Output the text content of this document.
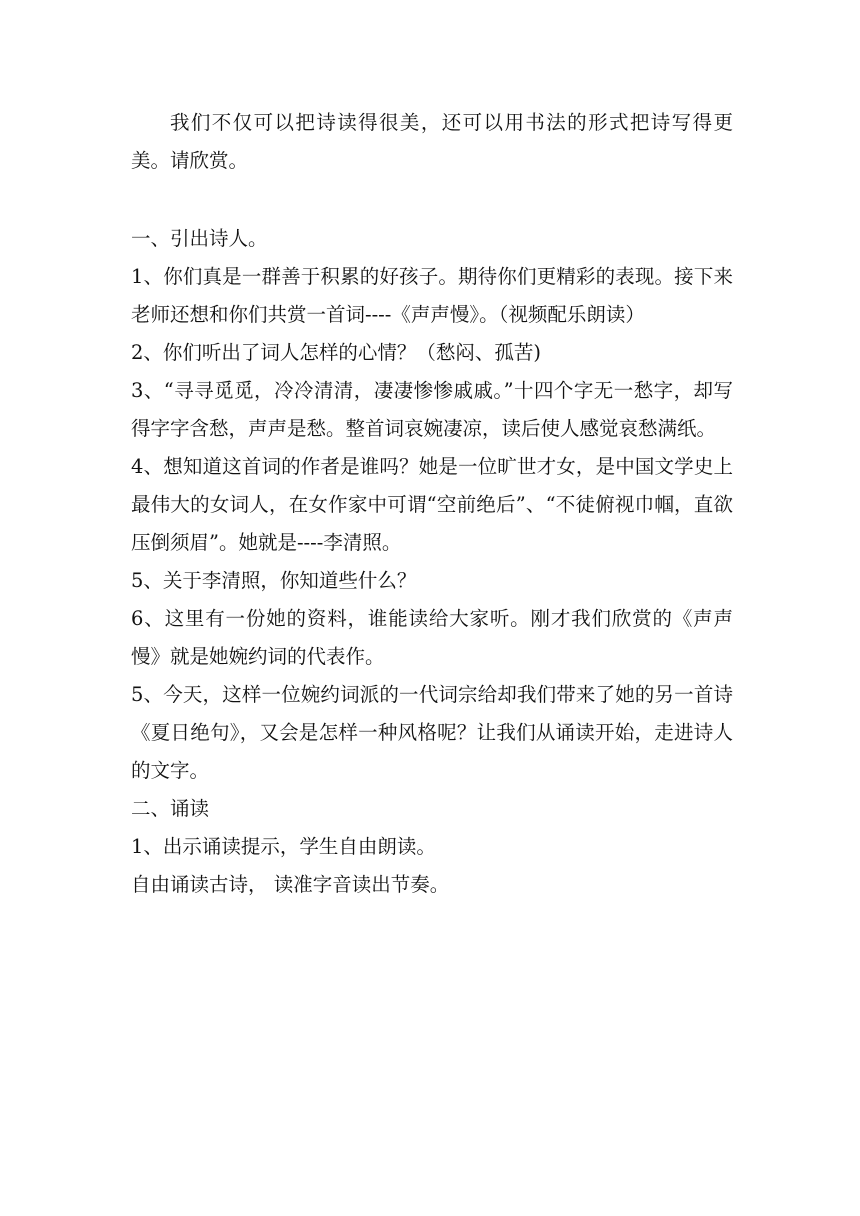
我们不仅可以把诗读得很美，还可以用书法的形式把诗写得更美。请欣赏。

一、引出诗人。

1、你们真是一群善于积累的好孩子。期待你们更精彩的表现。接下来老师还想和你们共赏一首词----《声声慢》。（视频配乐朗读）

2、你们听出了词人怎样的心情？（愁闷、孤苦)

3、“寻寻觅觅，冷冷清清，凄凄惨惨戚戚。”十四个字无一愁字，却写得字字含愁，声声是愁。整首词哀婉凄凉，读后使人感觉哀愁满纸。

4、想知道这首词的作者是谁吗？她是一位旷世才女，是中国文学史上最伟大的女词人，在女作家中可谓“空前绝后”、“不徒俯视巾帼，直欲压倒须眉”。她就是----李清照。

5、关于李清照，你知道些什么？

6、这里有一份她的资料，谁能读给大家听。刚才我们欣赏的《声声慢》就是她婉约词的代表作。

5、今天，这样一位婉约词派的一代词宗给却我们带来了她的另一首诗《夏日绝句》，又会是怎样一种风格呢？让我们从诵读开始，走进诗人的文字。

二、诵读

1、出示诵读提示，学生自由朗读。

自由诵读古诗， 读准字音读出节奏。
